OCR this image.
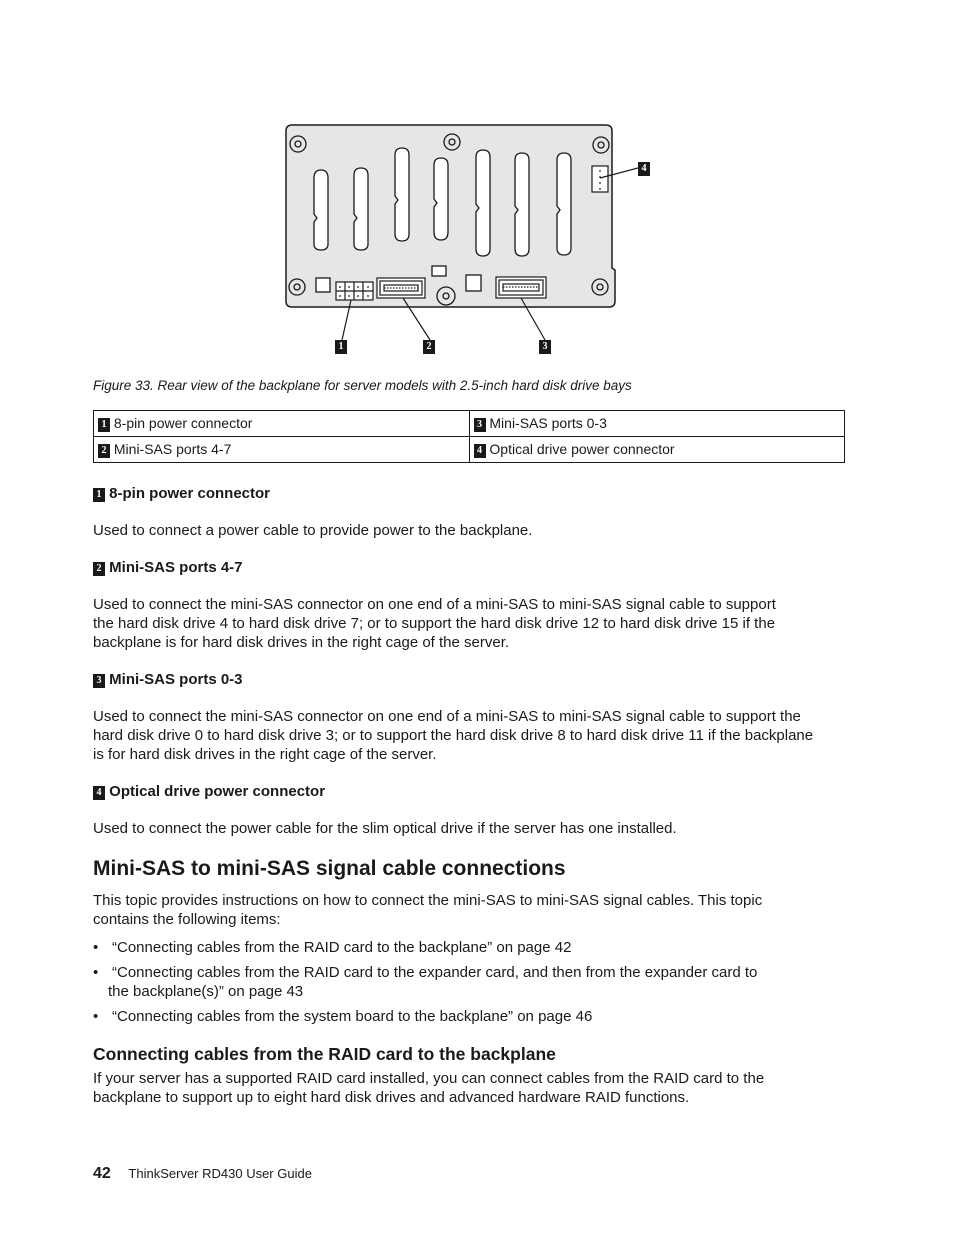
1	2	3
4
Figure 33. Rear view of the backplane for server models with 2.5-inch hard disk drive bays
1 8-pin power connector	3 Mini-SAS ports 0-3
2 Mini-SAS ports 4-7	4 Optical drive power connector
1 8-pin power connector
Used to connect a power cable to provide power to the backplane.
2 Mini-SAS ports 4-7
Used to connect the mini-SAS connector on one end of a mini-SAS to mini-SAS signal cable to support
the hard disk drive 4 to hard disk drive 7; or to support the hard disk drive 12 to hard disk drive 15 if the
backplane is for hard disk drives in the right cage of the server.
3 Mini-SAS ports 0-3
Used to connect the mini-SAS connector on one end of a mini-SAS to mini-SAS signal cable to support the
hard disk drive 0 to hard disk drive 3; or to support the hard disk drive 8 to hard disk drive 11 if the backplane
is for hard disk drives in the right cage of the server.
4 Optical drive power connector
Used to connect the power cable for the slim optical drive if the server has one installed.
Mini-SAS to mini-SAS signal cable connections
This topic provides instructions on how to connect the mini-SAS to mini-SAS signal cables. This topic
contains the following items:
• “Connecting cables from the RAID card to the backplane” on page 42
• “Connecting cables from the RAID card to the expander card, and then from the expander card to
the backplane(s)” on page 43
• “Connecting cables from the system board to the backplane” on page 46
Connecting cables from the RAID card to the backplane
If your server has a supported RAID card installed, you can connect cables from the RAID card to the
backplane to support up to eight hard disk drives and advanced hardware RAID functions.
42 ThinkServer RD430 User Guide
